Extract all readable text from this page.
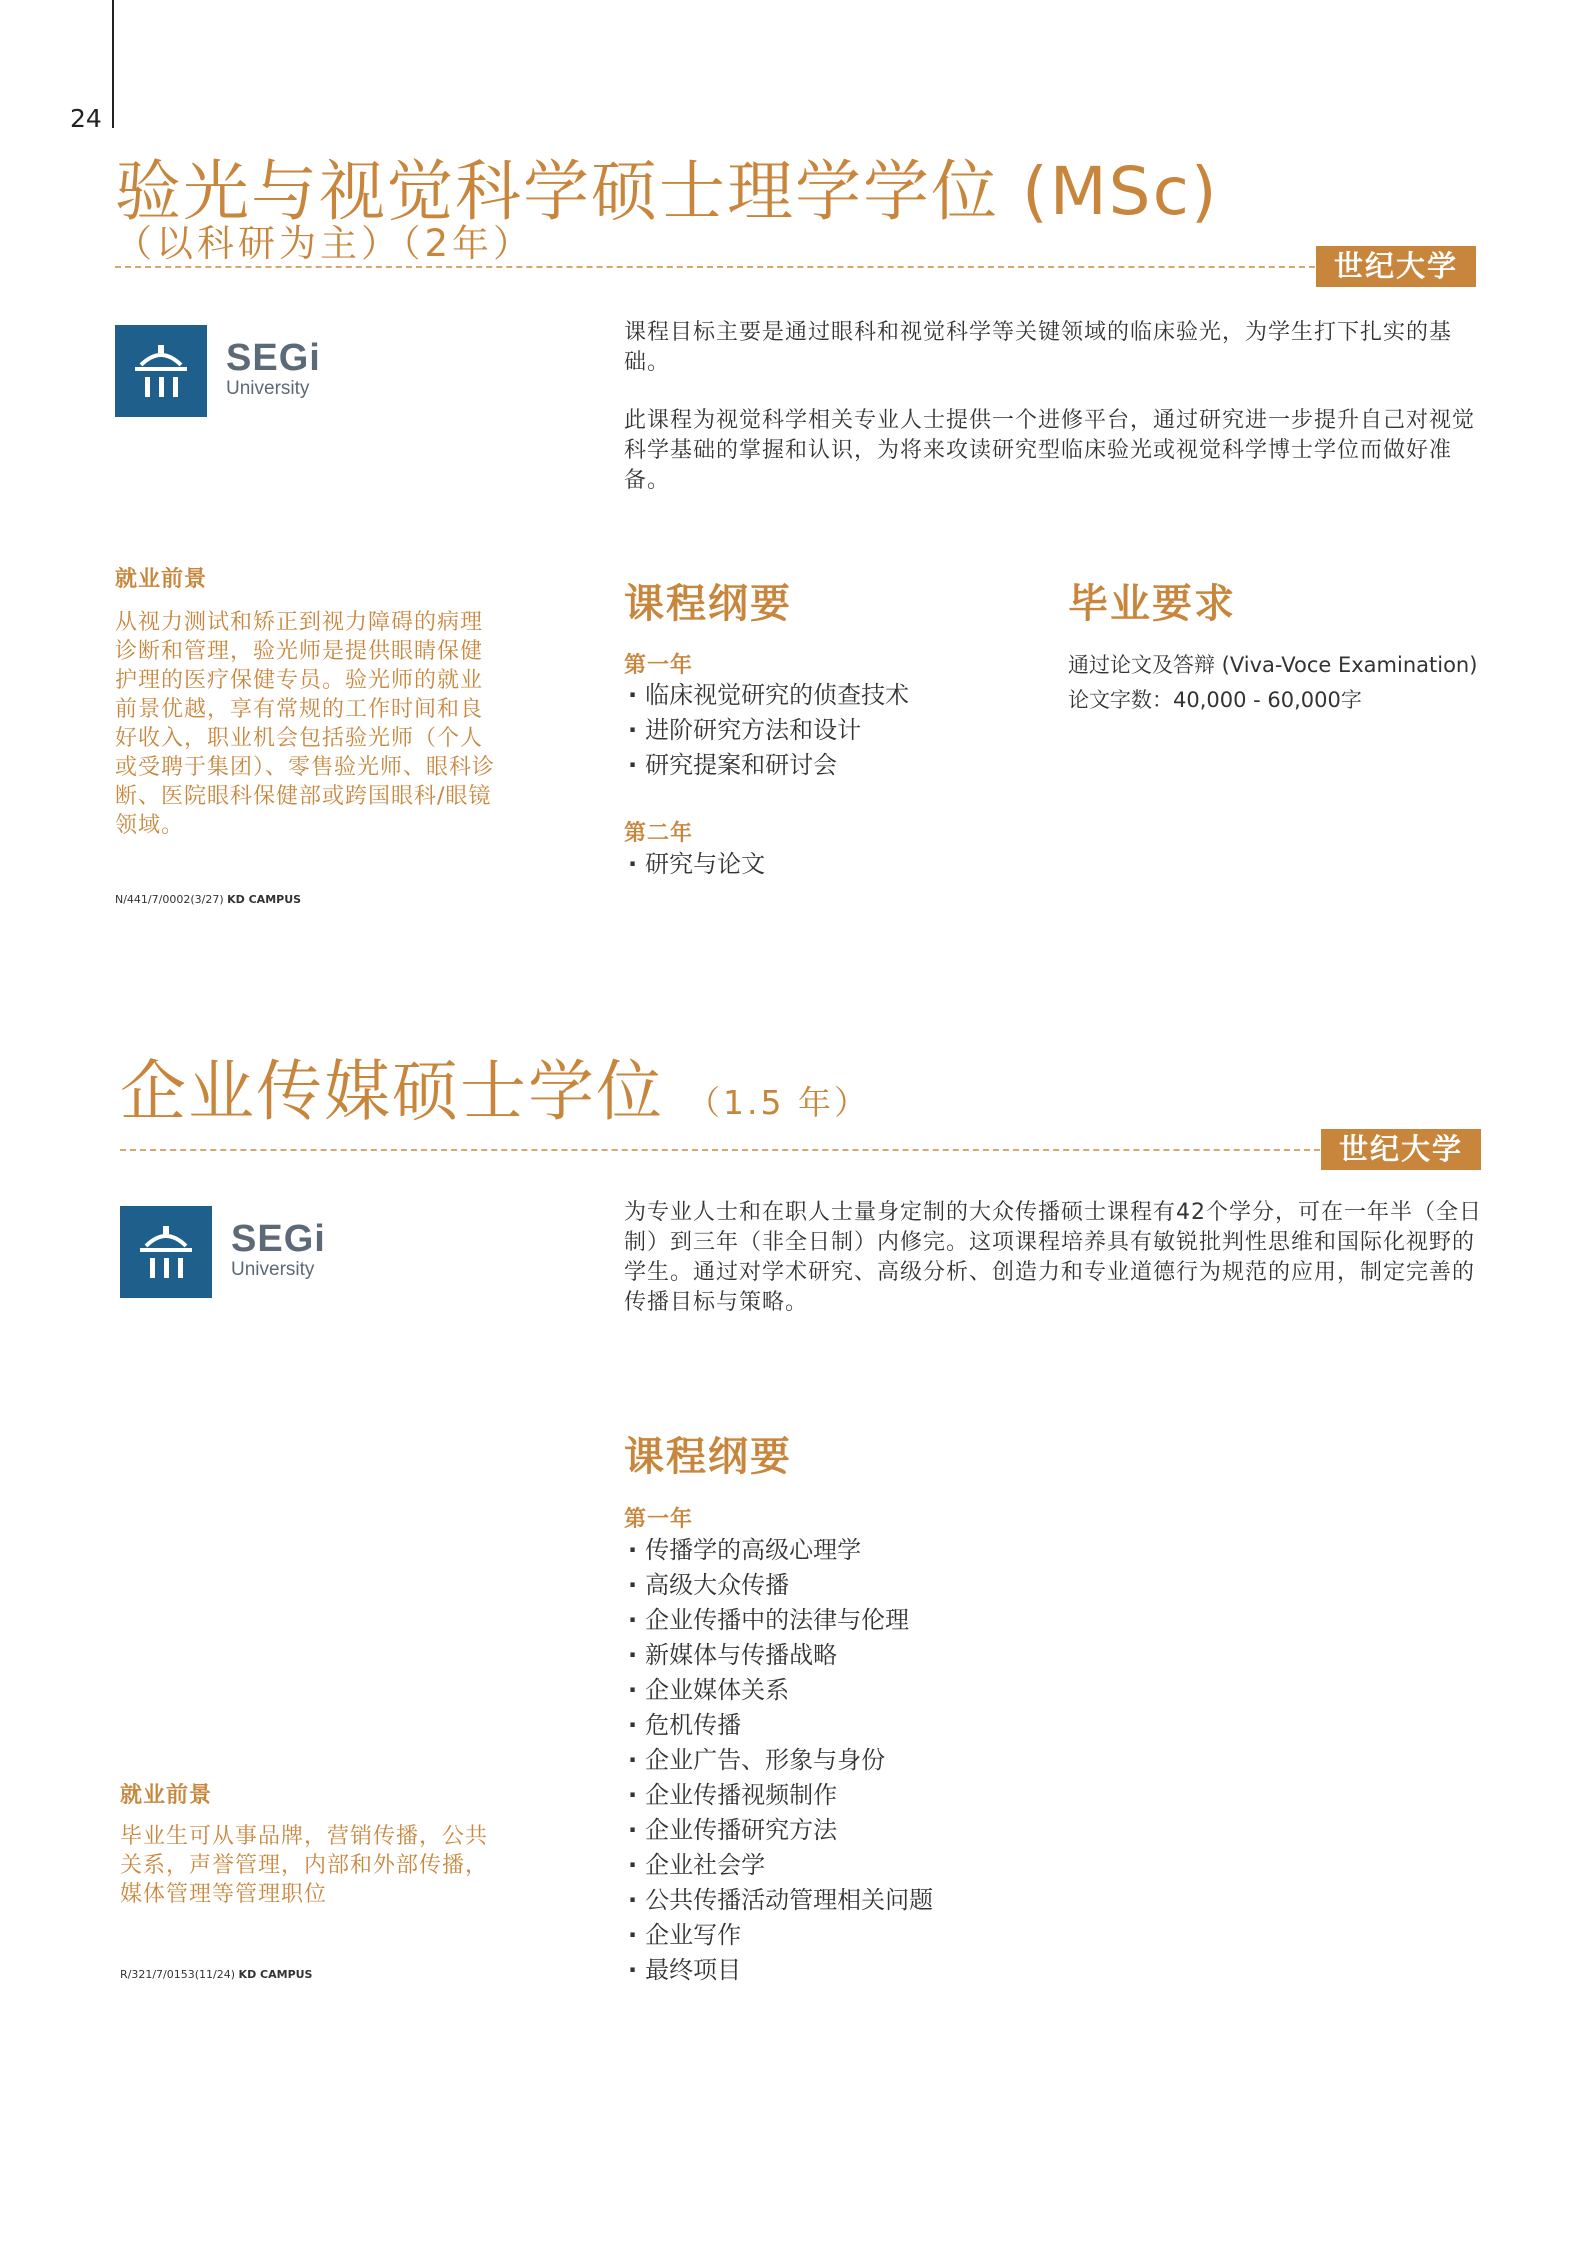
24
验光与视觉科学硕士理学学位 (MSc)
（以科研为主）（2年）
世纪大学
SEGi
University

课程目标主要是通过眼科和视觉科学等关键领域的临床验光，为学生打下扎实的基础。

此课程为视觉科学相关专业人士提供一个进修平台，通过研究进一步提升自己对视觉科学基础的掌握和认识，为将来攻读研究型临床验光或视觉科学博士学位而做好准备。

就业前景
从视力测试和矫正到视力障碍的病理诊断和管理，验光师是提供眼睛保健护理的医疗保健专员。验光师的就业前景优越，享有常规的工作时间和良好收入，职业机会包括验光师（个人或受聘于集团）、零售验光师、眼科诊断、医院眼科保健部或跨国眼科/眼镜领域。
N/441/7/0002(3/27) KD CAMPUS
课程纲要
第一年
· 临床视觉研究的侦查技术
· 进阶研究方法和设计
· 研究提案和研讨会
第二年
· 研究与论文
毕业要求
通过论文及答辩 (Viva-Voce Examination)
论文字数：40,000 - 60,000字
企业传媒硕士学位 （1.5 年）
世纪大学
SEGi
University
为专业人士和在职人士量身定制的大众传播硕士课程有42个学分，可在一年半（全日制）到三年（非全日制）内修完。这项课程培养具有敏锐批判性思维和国际化视野的学生。通过对学术研究、高级分析、创造力和专业道德行为规范的应用，制定完善的传播目标与策略。
课程纲要
第一年
· 传播学的高级心理学
· 高级大众传播
· 企业传播中的法律与伦理
· 新媒体与传播战略
· 企业媒体关系
· 危机传播
· 企业广告、形象与身份
· 企业传播视频制作
· 企业传播研究方法
· 企业社会学
· 公共传播活动管理相关问题
· 企业写作
· 最终项目
就业前景
毕业生可从事品牌，营销传播，公共关系，声誉管理，内部和外部传播，媒体管理等管理职位
R/321/7/0153(11/24) KD CAMPUS
